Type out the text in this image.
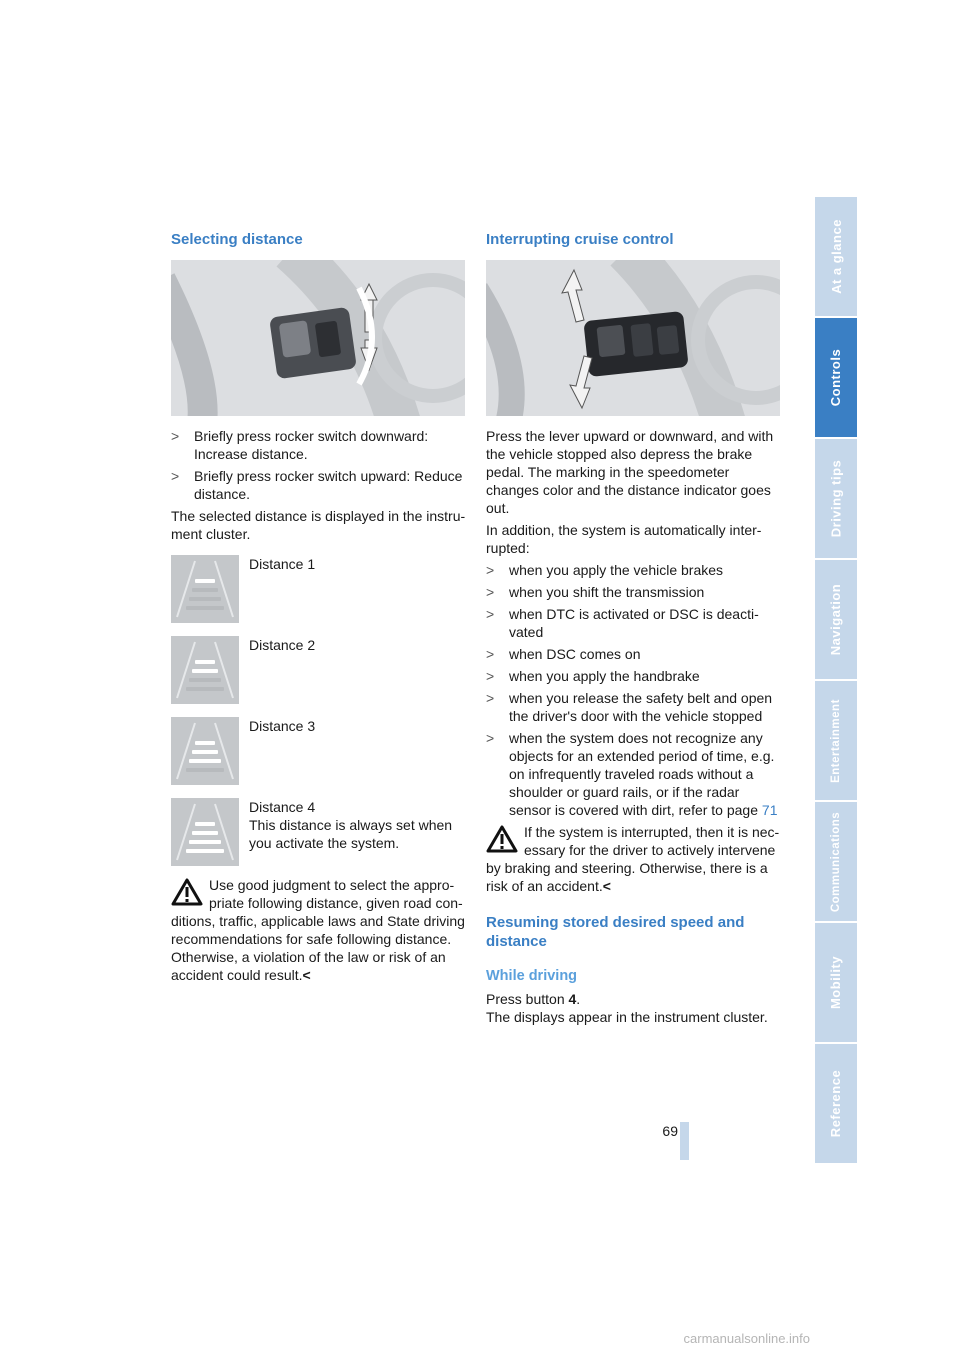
Selecting distance

> Briefly press rocker switch downward: Increase distance.

> Briefly press rocker switch upward: Reduce distance.

The selected distance is displayed in the instru- ment cluster.

Distance 1

Distance 2

Distance 3

Distance 4

This distance is always set when you activate the system.

Use good judgment to select the appro- priate following distance, given road con- ditions, traffic, applicable laws and State driving recommendations for safe following distance. Otherwise, a violation of the law or risk of an accident could result.<

Interrupting cruise control

Press the lever upward or downward, and with the vehicle stopped also depress the brake pedal. The marking in the speedometer changes color and the distance indicator goes out.

In addition, the system is automatically inter- rupted:

> when you apply the vehicle brakes

> when you shift the transmission

> when DTC is activated or DSC is deacti- vated

> when DSC comes on

> when you apply the handbrake

> when you release the safety belt and open the driver's door with the vehicle stopped

> when the system does not recognize any objects for an extended period of time, e.g. on infrequently traveled roads without a shoulder or guard rails, or if the radar sensor is covered with dirt, refer to page 71

If the system is interrupted, then it is nec- essary for the driver to actively intervene by braking and steering. Otherwise, there is a risk of an accident.<

Resuming stored desired speed and distance
While driving

Press button 4.

The displays appear in the instrument cluster.

69
At a glance
Controls
Driving tips
Navigation
Entertainment
Communications
Mobility
Reference
carmanualsonline.info
